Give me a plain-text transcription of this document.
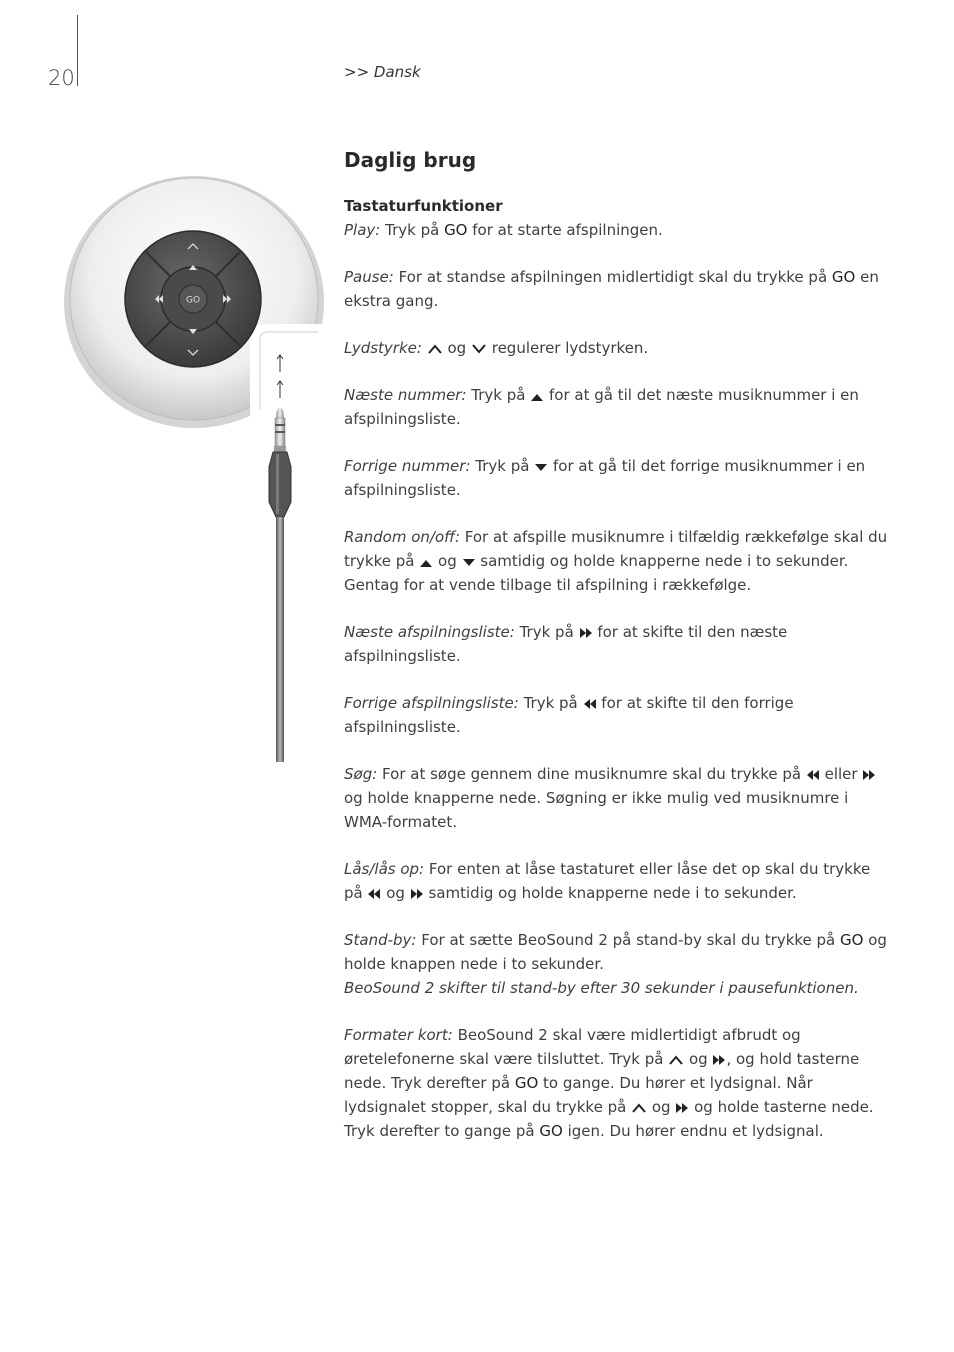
20	>> Dansk
GO
Daglig brug
Tastaturfunktioner

Play: Tryk på GO for at starte afspilningen.

Pause: For at standse afspilningen midlertidigt skal du trykke på GO en ekstra gang.

Lydstyrke:  og  regulerer lydstyrken.

Næste nummer: Tryk på  for at gå til det næste musiknummer i en afspilningsliste.

Forrige nummer: Tryk på  for at gå til det forrige musiknummer i en afspilningsliste.

Random on/off: For at afspille musiknumre i tilfældig rækkefølge skal du trykke på  og  samtidig og holde knapperne nede i to sekunder. Gentag for at vende tilbage til afspilning i rækkefølge.

Næste afspilningsliste: Tryk på  for at skifte til den næste afspilningsliste.

Forrige afspilningsliste: Tryk på  for at skifte til den forrige afspilningsliste.

Søg: For at søge gennem dine musiknumre skal du trykke på  eller  og holde knapperne nede. Søgning er ikke mulig ved musiknumre i WMA-formatet.

Lås/lås op: For enten at låse tastaturet eller låse det op skal du trykke på  og  samtidig og holde knapperne nede i to sekunder.

Stand-by: For at sætte BeoSound 2 på stand-by skal du trykke på GO og holde knappen nede i to sekunder.
BeoSound 2 skifter til stand-by efter 30 sekunder i pausefunktionen.

Formater kort: BeoSound 2 skal være midlertidigt afbrudt og øretelefonerne skal være tilsluttet. Tryk på  og , og hold tasterne nede. Tryk derefter på GO to gange. Du hører et lydsignal. Når lydsignalet stopper, skal du trykke på  og  og holde tasterne nede. Tryk derefter to gange på GO igen. Du hører endnu et lydsignal.
